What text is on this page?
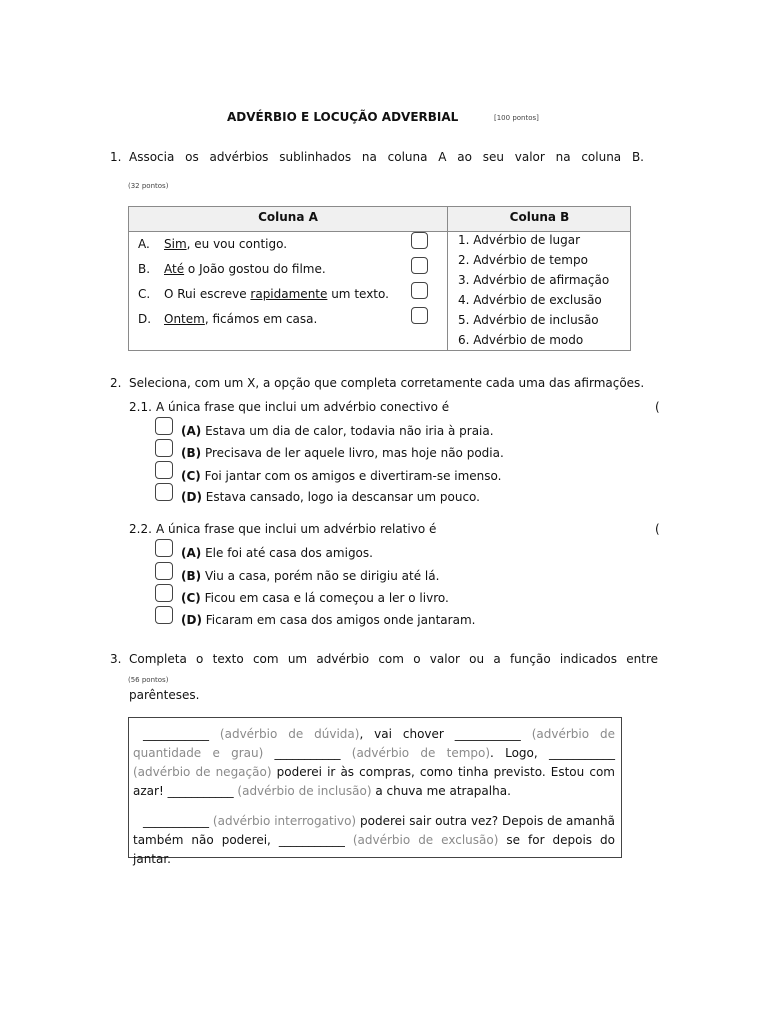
ADVÉRBIO E LOCUÇÃO ADVERBIAL	[100 pontos]
1. Associa os advérbios sublinhados na coluna A ao seu valor na coluna B.
(32 pontos)
Coluna A	Coluna B
A. Sim, eu vou contigo.
B. Até o João gostou do filme.
C. O Rui escreve rapidamente um texto.
D. Ontem, ficámos em casa.
1. Advérbio de lugar
2. Advérbio de tempo
3. Advérbio de afirmação
4. Advérbio de exclusão
5. Advérbio de inclusão
6. Advérbio de modo
2. Seleciona, com um X, a opção que completa corretamente cada uma das afirmações.
2.1. A única frase que inclui um advérbio conectivo é	(
(A) Estava um dia de calor, todavia não iria à praia.
(B) Precisava de ler aquele livro, mas hoje não podia.
(C) Foi jantar com os amigos e divertiram-se imenso.
(D) Estava cansado, logo ia descansar um pouco.
2.2. A única frase que inclui um advérbio relativo é	(
(A) Ele foi até casa dos amigos.
(B) Viu a casa, porém não se dirigiu até lá.
(C) Ficou em casa e lá começou a ler o livro.
(D) Ficaram em casa dos amigos onde jantaram.
3. Completa o texto com um advérbio com o valor ou a função indicados entre
(56 pontos)
parênteses.
___________ (advérbio de dúvida), vai chover ___________ (advérbio de quantidade e grau) ___________ (advérbio de tempo). Logo, ___________ (advérbio de negação) poderei ir às compras, como tinha previsto. Estou com azar! ___________ (advérbio de inclusão) a chuva me atrapalha.
___________ (advérbio interrogativo) poderei sair outra vez? Depois de amanhã também não poderei, ___________ (advérbio de exclusão) se for depois do jantar.
